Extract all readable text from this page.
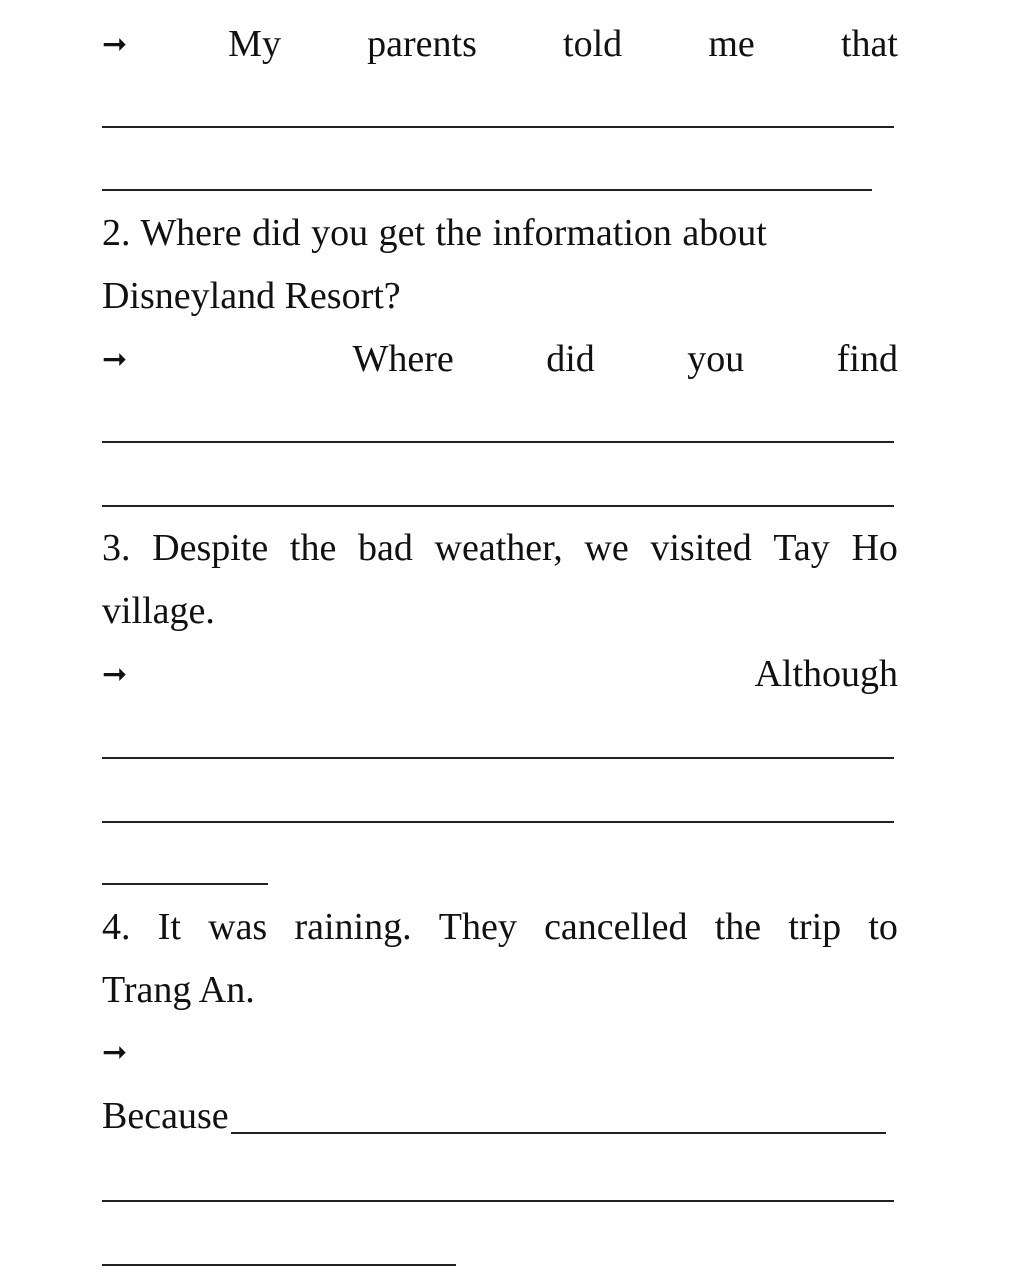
➞	My parents told me that
2. Where did you get the information about
Disneyland Resort?
➞	Where did you find
3. Despite the bad weather, we visited Tay Ho
village.
➞	Although
4. It was raining. They cancelled the trip to
Trang An.
➞
Because
